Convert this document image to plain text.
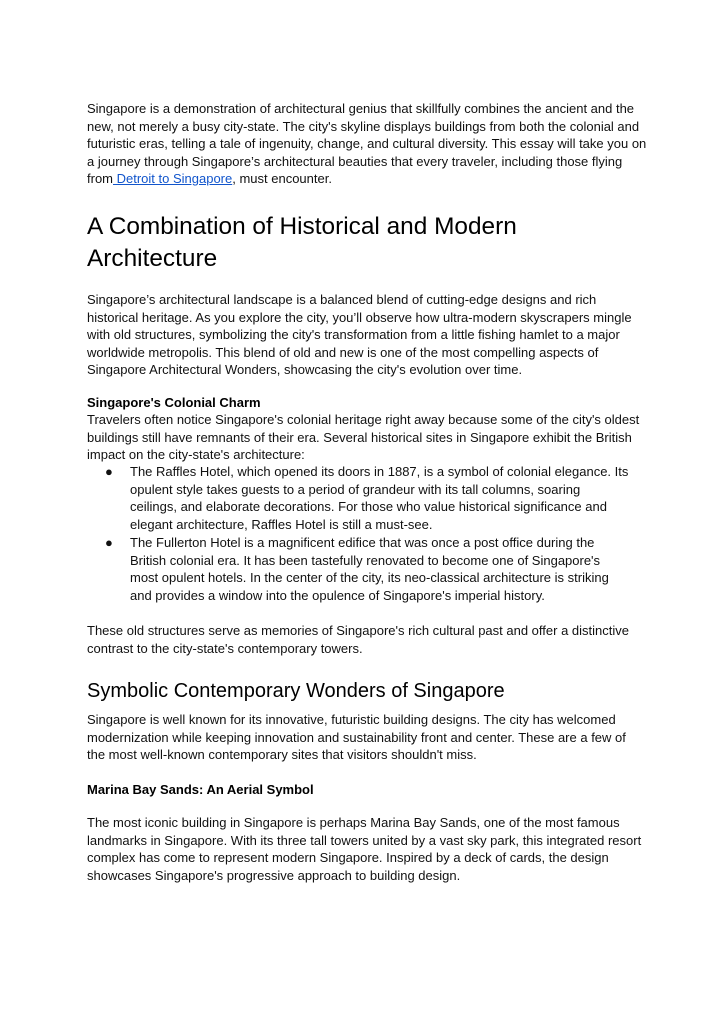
Singapore is a demonstration of architectural genius that skillfully combines the ancient and the new, not merely a busy city-state. The city's skyline displays buildings from both the colonial and futuristic eras, telling a tale of ingenuity, change, and cultural diversity. This essay will take you on a journey through Singapore’s architectural beauties that every traveler, including those flying from Detroit to Singapore, must encounter.

A Combination of Historical and Modern Architecture

Singapore’s architectural landscape is a balanced blend of cutting-edge designs and rich historical heritage. As you explore the city, you’ll observe how ultra-modern skyscrapers mingle with old structures, symbolizing the city's transformation from a little fishing hamlet to a major worldwide metropolis. This blend of old and new is one of the most compelling aspects of Singapore Architectural Wonders, showcasing the city's evolution over time.

Singapore's Colonial Charm

Travelers often notice Singapore's colonial heritage right away because some of the city's oldest buildings still have remnants of their era. Several historical sites in Singapore exhibit the British impact on the city-state's architecture:

●	The Raffles Hotel, which opened its doors in 1887, is a symbol of colonial elegance. Its opulent style takes guests to a period of grandeur with its tall columns, soaring ceilings, and elaborate decorations. For those who value historical significance and elegant architecture, Raffles Hotel is still a must-see.
●	The Fullerton Hotel is a magnificent edifice that was once a post office during the British colonial era. It has been tastefully renovated to become one of Singapore's most opulent hotels. In the center of the city, its neo-classical architecture is striking and provides a window into the opulence of Singapore's imperial history.

These old structures serve as memories of Singapore's rich cultural past and offer a distinctive contrast to the city-state's contemporary towers.

Symbolic Contemporary Wonders of Singapore

Singapore is well known for its innovative, futuristic building designs. The city has welcomed modernization while keeping innovation and sustainability front and center. These are a few of the most well-known contemporary sites that visitors shouldn't miss.

Marina Bay Sands: An Aerial Symbol

The most iconic building in Singapore is perhaps Marina Bay Sands, one of the most famous landmarks in Singapore. With its three tall towers united by a vast sky park, this integrated resort complex has come to represent modern Singapore. Inspired by a deck of cards, the design showcases Singapore's progressive approach to building design.
